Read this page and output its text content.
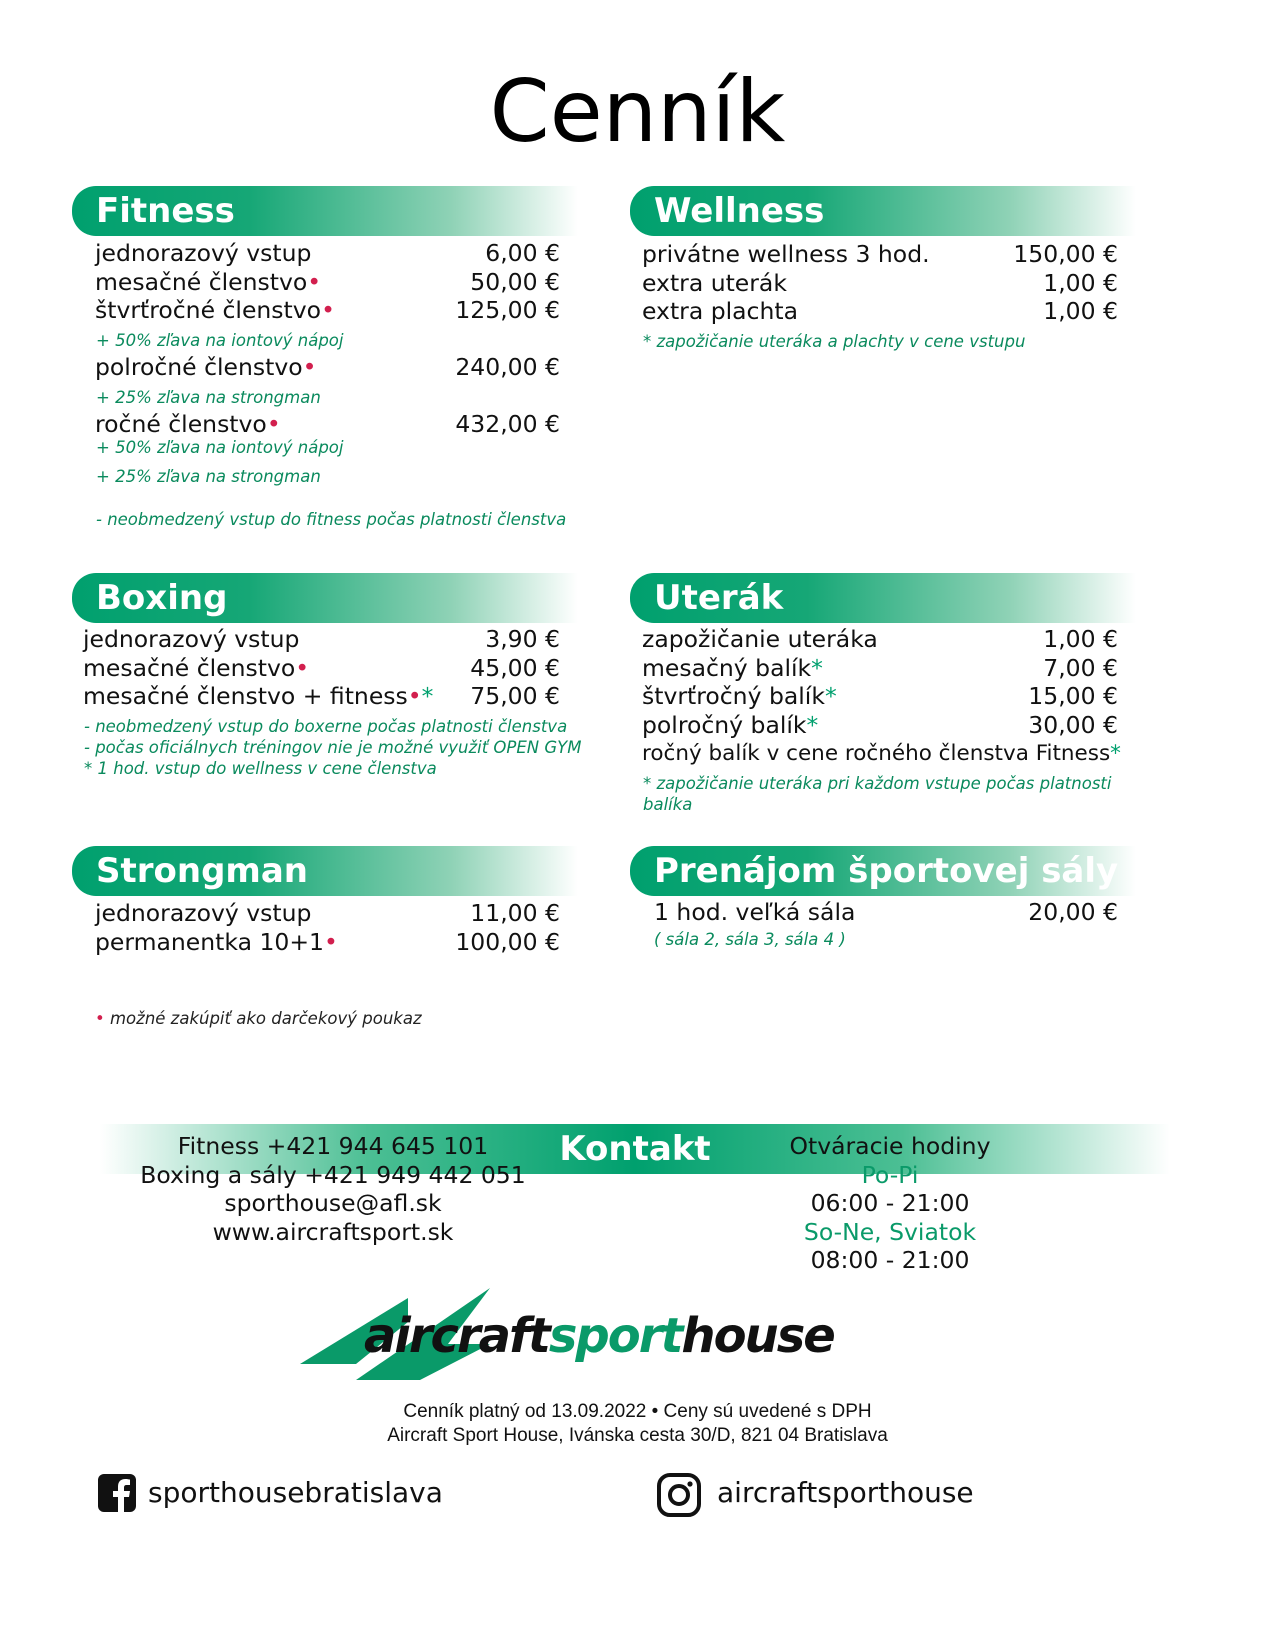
Cenník
Fitness
jednorazový vstup	6,00 €
mesačné členstvo•	50,00 €
štvrťročné členstvo•	125,00 €
+ 50% zľava na iontový nápoj
polročné členstvo•	240,00 €
+ 25% zľava na strongman
ročné členstvo•	432,00 €
+ 50% zľava na iontový nápoj
+ 25% zľava na strongman
- neobmedzený vstup do fitness počas platnosti členstva
Wellness
privátne wellness 3 hod.	150,00 €
extra uterák	1,00 €
extra plachta	1,00 €
* zapožičanie uteráka a plachty v cene vstupu
Boxing
jednorazový vstup	3,90 €
mesačné členstvo•	45,00 €
mesačné členstvo + fitness•* 75,00 €
- neobmedzený vstup do boxerne počas platnosti členstva
- počas oficiálnych tréningov nie je možné využiť OPEN GYM
* 1 hod. vstup do wellness v cene členstva
Uterák
zapožičanie uteráka	1,00 €
mesačný balík*	7,00 €
štvrťročný balík*	15,00 €
polročný balík*	30,00 €
ročný balík v cene ročného členstva Fitness*
* zapožičanie uteráka pri každom vstupe počas platnosti
balíka
Strongman
jednorazový vstup	11,00 €
permanentka 10+1•	100,00 €
Prenájom športovej sály
1 hod. veľká sála	20,00 €
( sála 2, sála 3, sála 4 )
• možné zakúpiť ako darčekový poukaz
Kontakt
Fitness +421 944 645 101
Boxing a sály +421 949 442 051
sporthouse@afl.sk
www.aircraftsport.sk
Otváracie hodiny
Po-Pi
06:00 - 21:00
So-Ne, Sviatok
08:00 - 21:00
aircraftsporthouse
Cenník platný od 13.09.2022 • Ceny sú uvedené s DPH
Aircraft Sport House, Ivánska cesta 30/D, 821 04 Bratislava
sporthousebratislava	aircraftsporthouse
